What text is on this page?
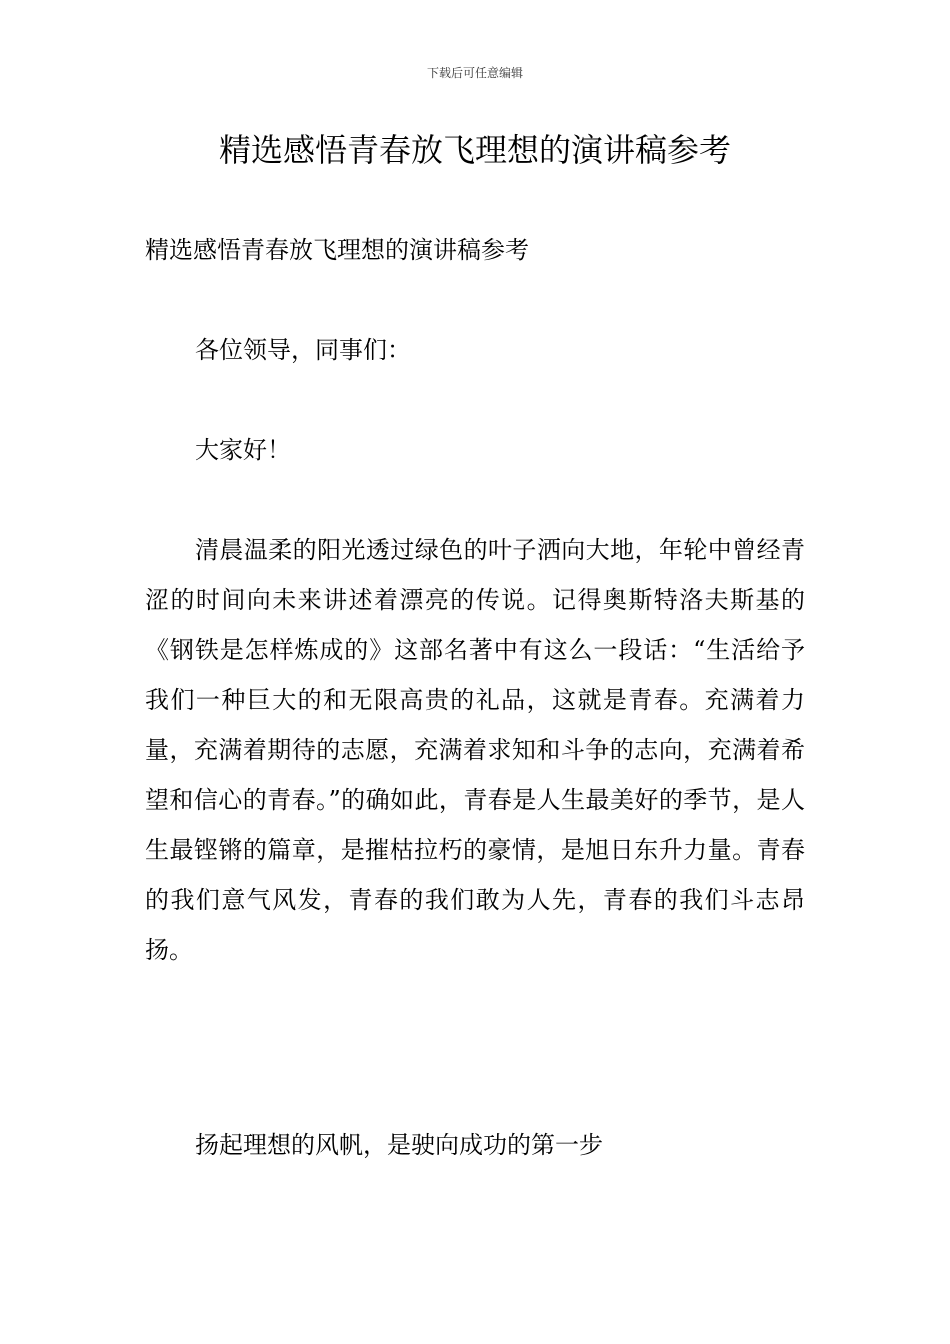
下载后可任意编辑
精选感悟青春放飞理想的演讲稿参考

精选感悟青春放飞理想的演讲稿参考

各位领导，同事们：

大家好！

清晨温柔的阳光透过绿色的叶子洒向大地，年轮中曾经青涩的时间向未来讲述着漂亮的传说。记得奥斯特洛夫斯基的《钢铁是怎样炼成的》这部名著中有这么一段话：“生活给予我们一种巨大的和无限高贵的礼品，这就是青春。充满着力量，充满着期待的志愿，充满着求知和斗争的志向，充满着希望和信心的青春。”的确如此，青春是人生最美好的季节，是人生最铿锵的篇章，是摧枯拉朽的豪情，是旭日东升力量。青春的我们意气风发，青春的我们敢为人先，青春的我们斗志昂扬。

扬起理想的风帆，是驶向成功的第一步
